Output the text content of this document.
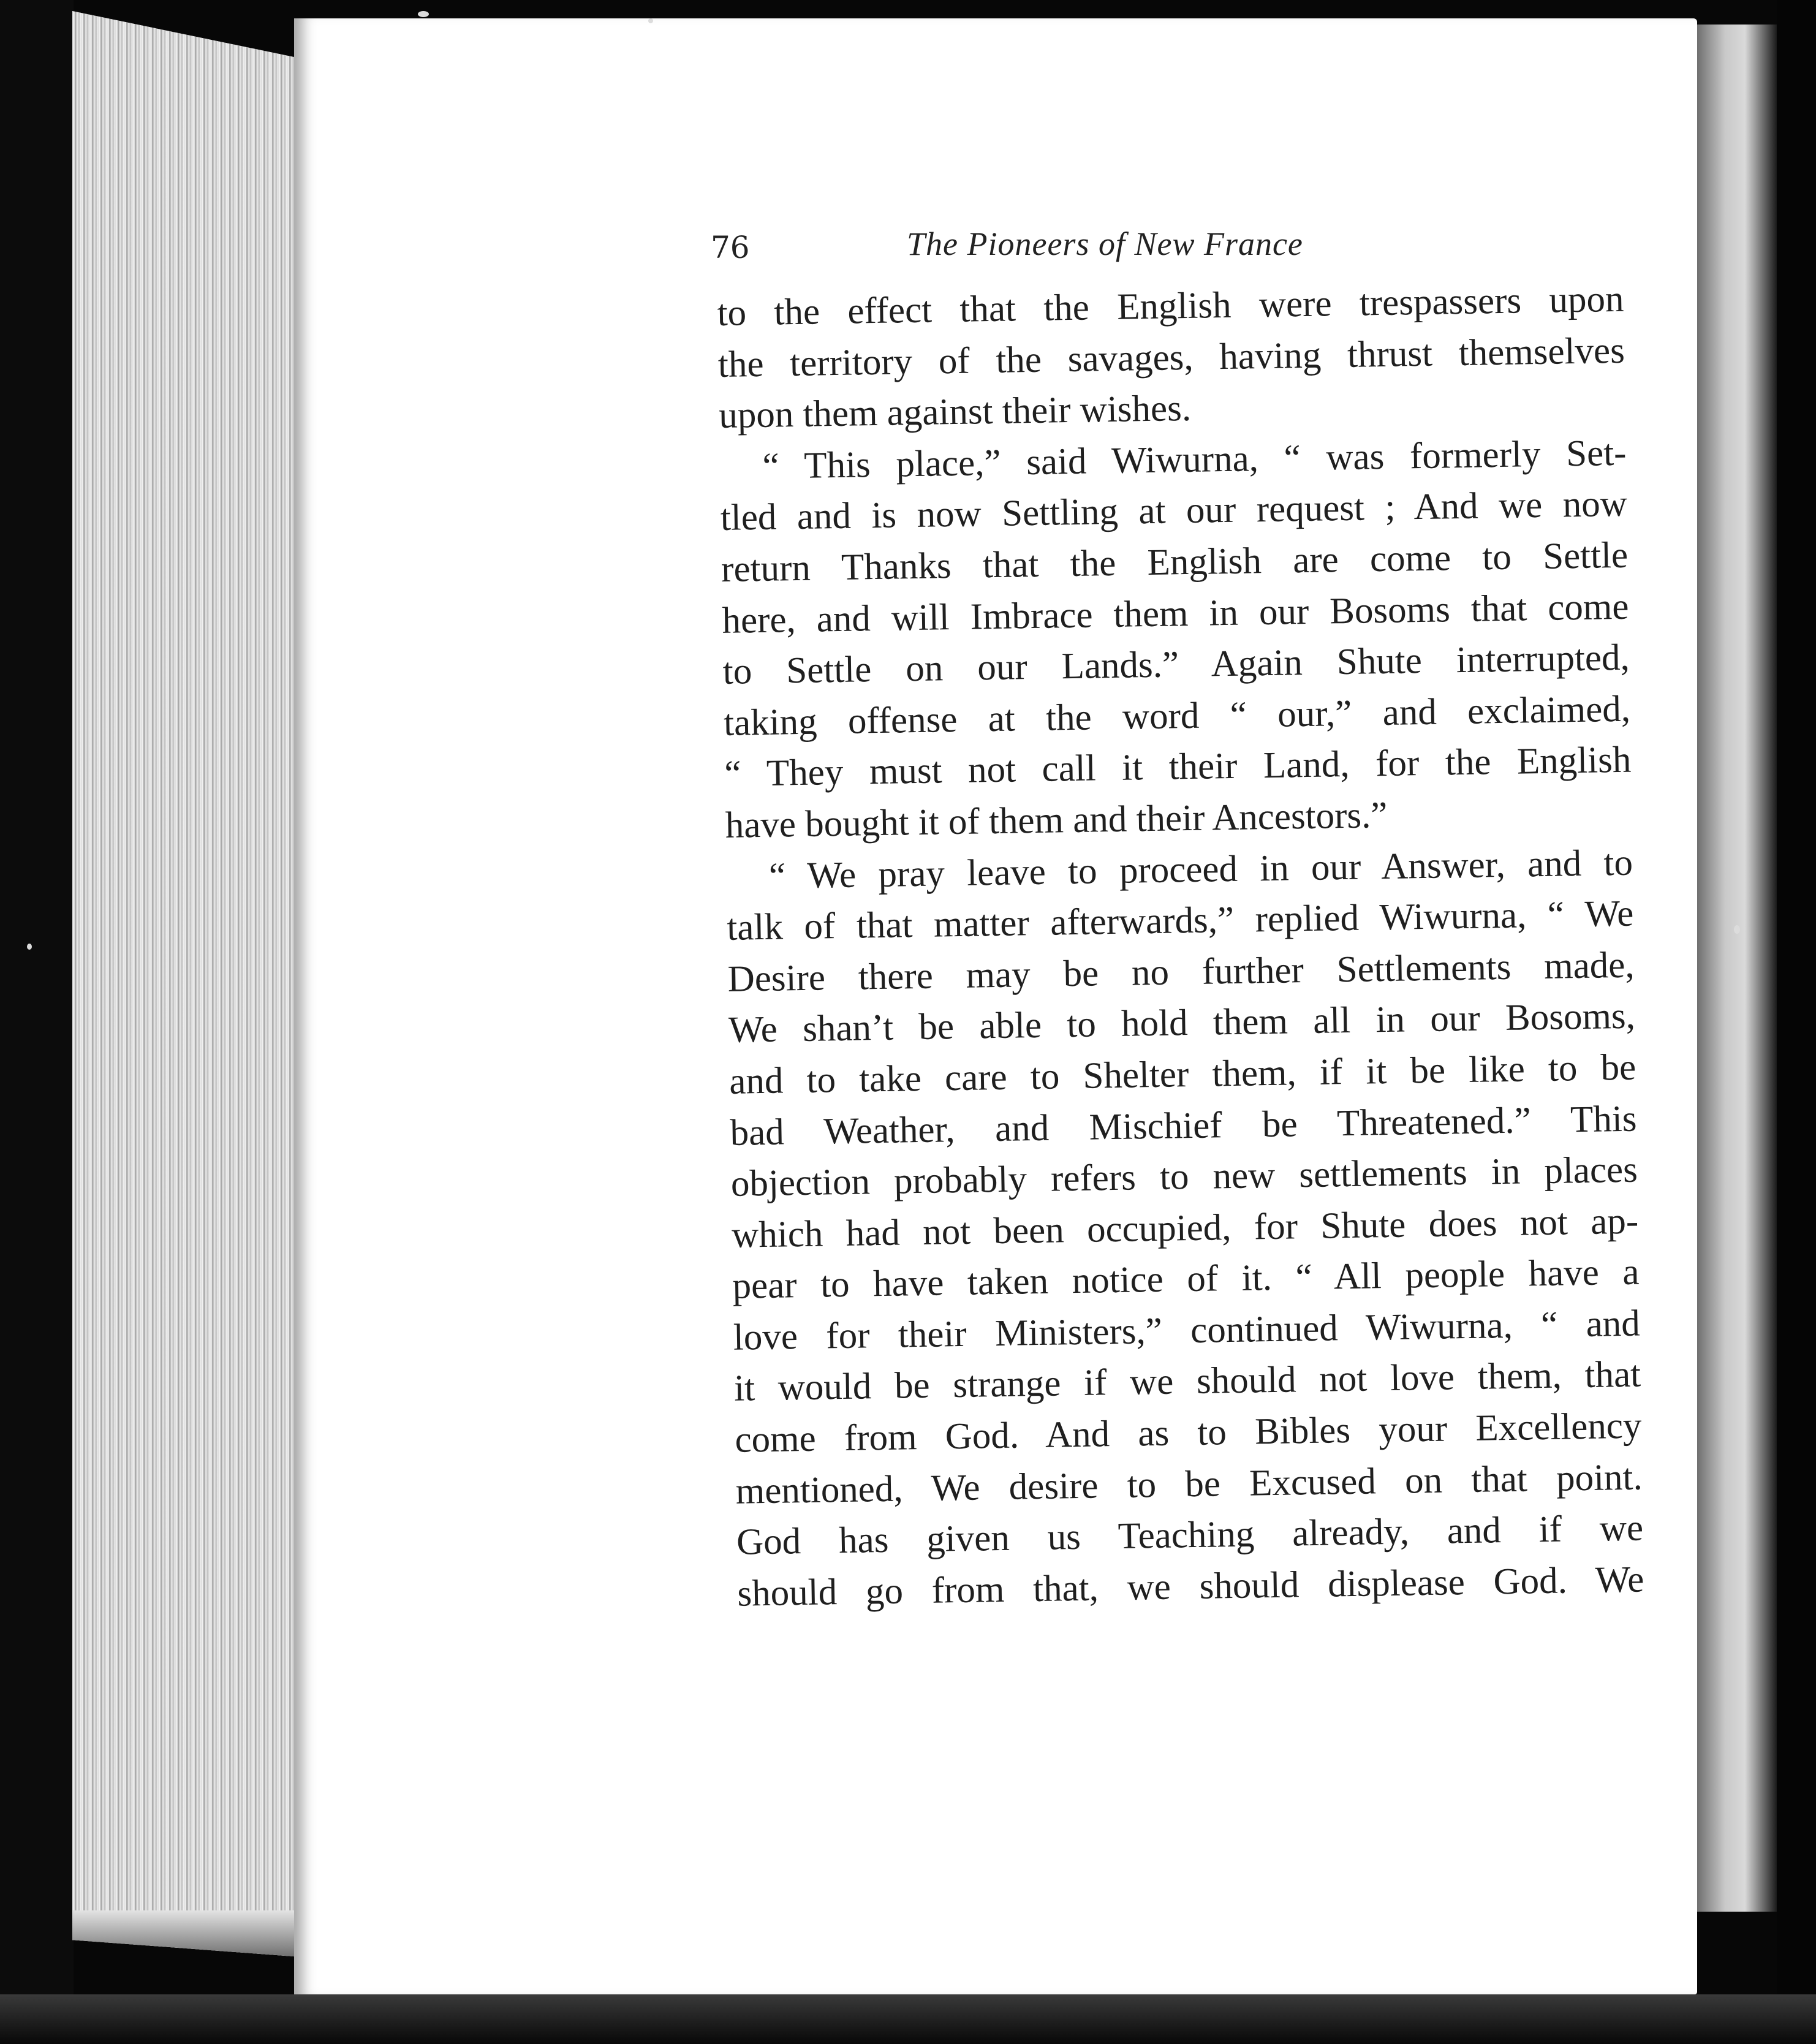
76	The Pioneers of New France
to the effect that the English were trespassers upon
the territory of the savages, having thrust themselves
upon them against their wishes.
“ This place,” said Wiwurna, “ was formerly Set-
tled and is now Settling at our request ; And we now
return Thanks that the English are come to Settle
here, and will Imbrace them in our Bosoms that come
to Settle on our Lands.” Again Shute interrupted,
taking offense at the word “ our,” and exclaimed,
“ They must not call it their Land, for the English
have bought it of them and their Ancestors.”
“ We pray leave to proceed in our Answer, and to
talk of that matter afterwards,” replied Wiwurna, “ We
Desire there may be no further Settlements made,
We shan’t be able to hold them all in our Bosoms,
and to take care to Shelter them, if it be like to be
bad Weather, and Mischief be Threatened.” This
objection probably refers to new settlements in places
which had not been occupied, for Shute does not ap-
pear to have taken notice of it. “ All people have a
love for their Ministers,” continued Wiwurna, “ and
it would be strange if we should not love them, that
come from God. And as to Bibles your Excellency
mentioned, We desire to be Excused on that point.
God has given us Teaching already, and if we
should go from that, we should displease God. We
